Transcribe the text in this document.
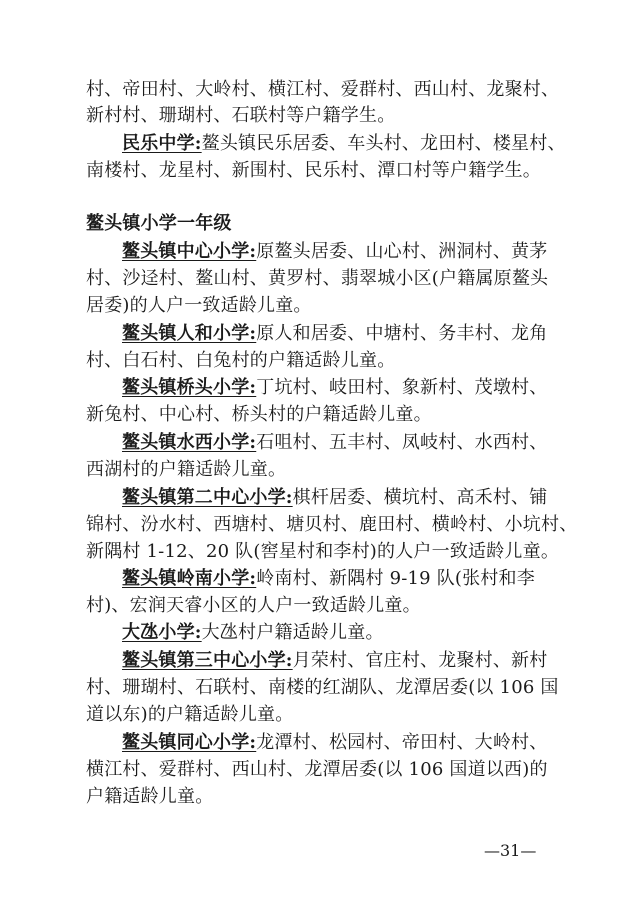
村、帝田村、大岭村、横江村、爱群村、西山村、龙聚村、
新村村、珊瑚村、石联村等户籍学生。
民乐中学:鳌头镇民乐居委、车头村、龙田村、楼星村、
南楼村、龙星村、新围村、民乐村、潭口村等户籍学生。
鳌头镇小学一年级
鳌头镇中心小学:原鳌头居委、山心村、洲洞村、黄茅
村、沙迳村、鳌山村、黄罗村、翡翠城小区(户籍属原鳌头
居委)的人户一致适龄儿童。
鳌头镇人和小学:原人和居委、中塘村、务丰村、龙角
村、白石村、白兔村的户籍适龄儿童。
鳌头镇桥头小学:丁坑村、岐田村、象新村、茂墩村、
新兔村、中心村、桥头村的户籍适龄儿童。
鳌头镇水西小学:石咀村、五丰村、凤岐村、水西村、
西湖村的户籍适龄儿童。
鳌头镇第二中心小学:棋杆居委、横坑村、高禾村、铺
锦村、汾水村、西塘村、塘贝村、鹿田村、横岭村、小坑村、
新隅村 1-12、20 队(窖星村和李村)的人户一致适龄儿童。
鳌头镇岭南小学:岭南村、新隅村 9-19 队(张村和李
村)、宏润天睿小区的人户一致适龄儿童。
大氹小学:大氹村户籍适龄儿童。
鳌头镇第三中心小学:月荣村、官庄村、龙聚村、新村
村、珊瑚村、石联村、南楼的红湖队、龙潭居委(以 106 国
道以东)的户籍适龄儿童。
鳌头镇同心小学:龙潭村、松园村、帝田村、大岭村、
横江村、爱群村、西山村、龙潭居委(以 106 国道以西)的
户籍适龄儿童。
—31—
